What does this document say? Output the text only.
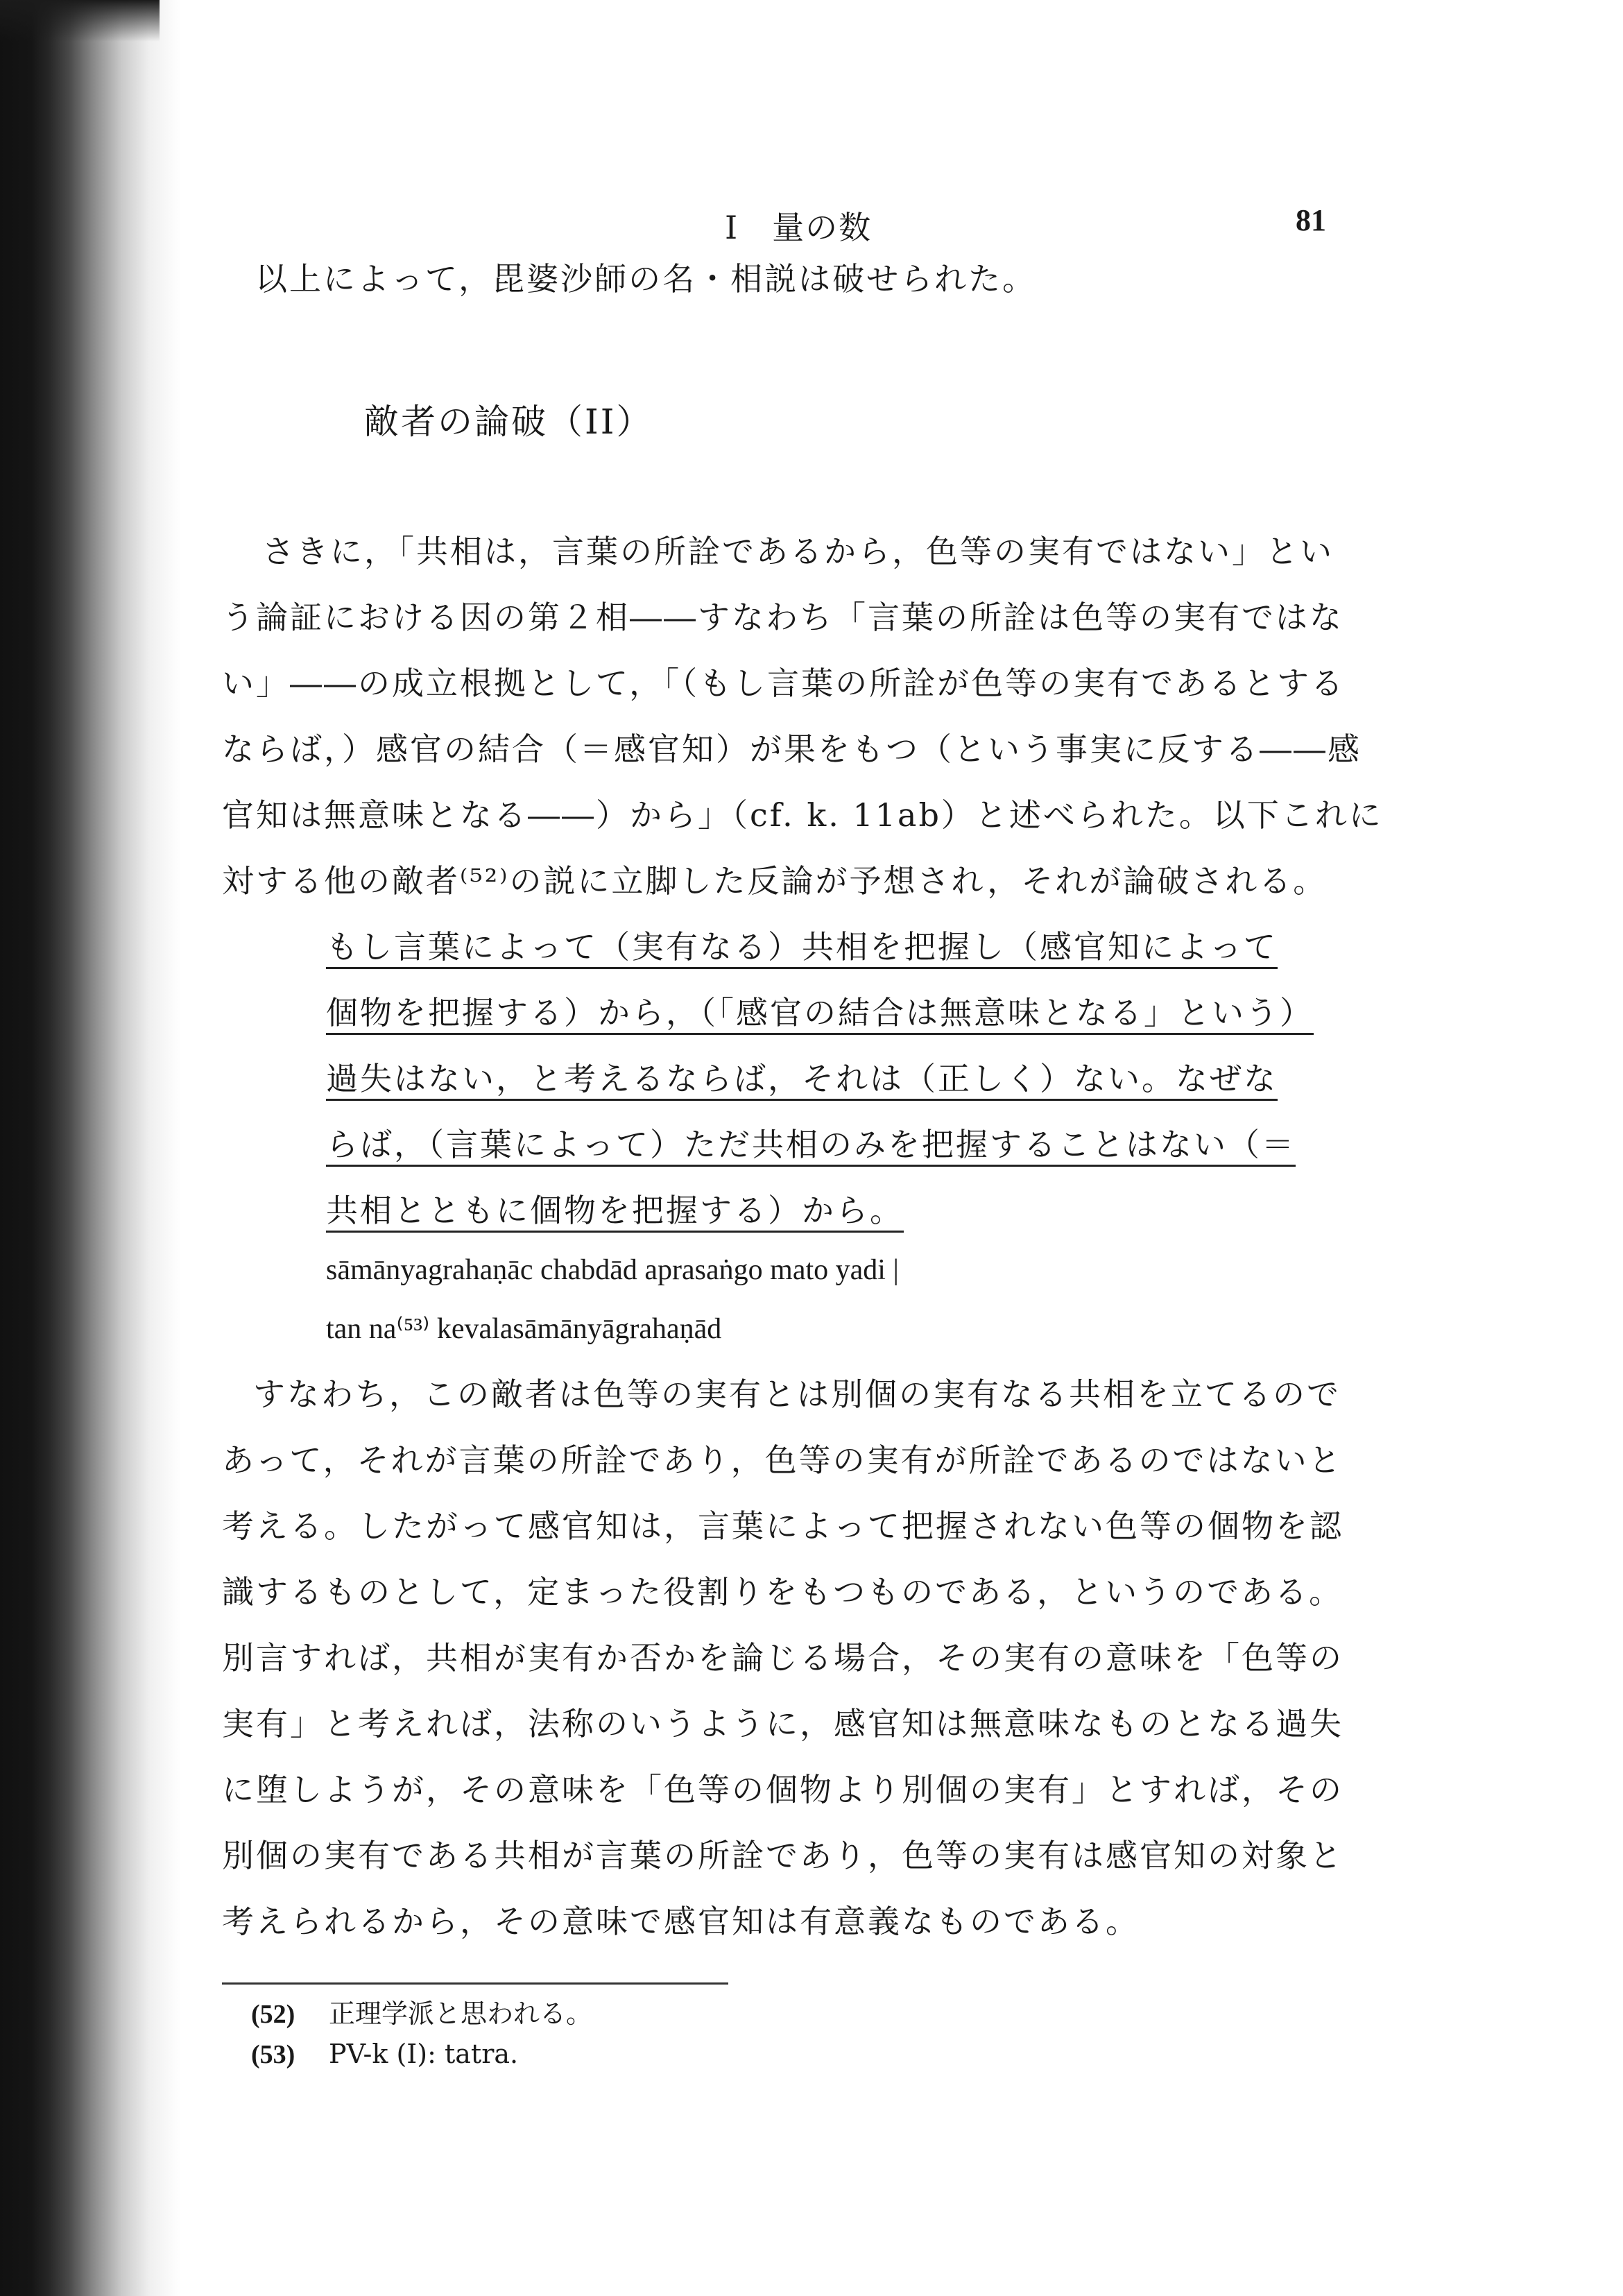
I　量の数	81
以上によって，毘婆沙師の名・相説は破せられた。
敵者の論破（II）
さきに，「共相は，言葉の所詮であるから，色等の実有ではない」とい
う論証における因の第２相――すなわち「言葉の所詮は色等の実有ではな
い」――の成立根拠として，「（もし言葉の所詮が色等の実有であるとする
ならば，）感官の結合（＝感官知）が果をもつ（という事実に反する――感
官知は無意味となる――）から」（cf. k. 11ab）と述べられた。以下これに
対する他の敵者⁽⁵²⁾の説に立脚した反論が予想され，それが論破される。
もし言葉によって（実有なる）共相を把握し（感官知によって
個物を把握する）から，（「感官の結合は無意味となる」という）
過失はない，と考えるならば，それは（正しく）ない。なぜな
らば，（言葉によって）ただ共相のみを把握することはない（＝
共相とともに個物を把握する）から。
sāmānyagrahaṇāc chabdād aprasaṅgo mato yadi |
tan na⁽⁵³⁾ kevalasāmānyāgrahaṇād
すなわち，この敵者は色等の実有とは別個の実有なる共相を立てるので
あって，それが言葉の所詮であり，色等の実有が所詮であるのではないと
考える。したがって感官知は，言葉によって把握されない色等の個物を認
識するものとして，定まった役割りをもつものである，というのである。
別言すれば，共相が実有か否かを論じる場合，その実有の意味を「色等の
実有」と考えれば，法称のいうように，感官知は無意味なものとなる過失
に堕しようが，その意味を「色等の個物より別個の実有」とすれば，その
別個の実有である共相が言葉の所詮であり，色等の実有は感官知の対象と
考えられるから，その意味で感官知は有意義なものである。
(52) 正理学派と思われる。
(53) PV-k (I): tatra.
